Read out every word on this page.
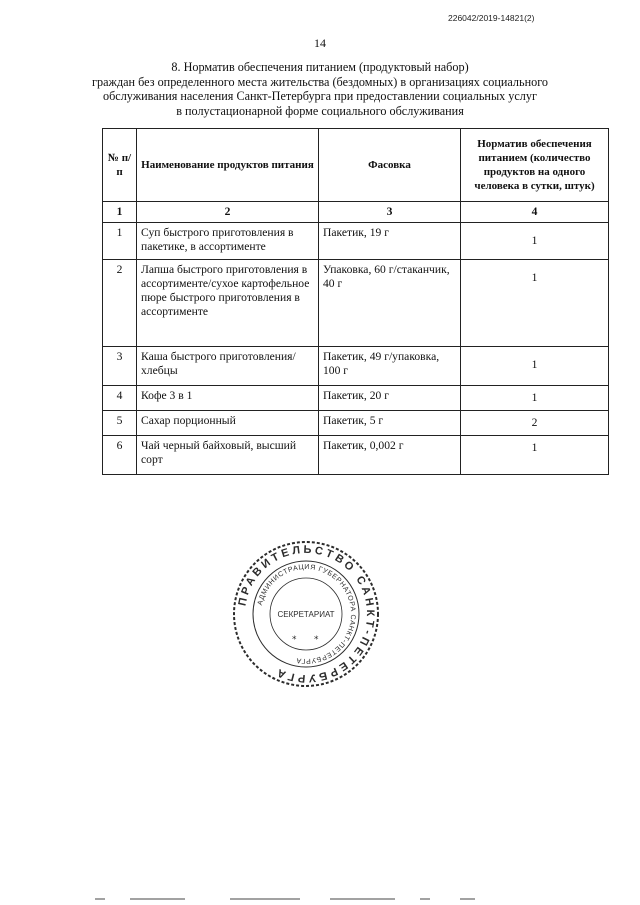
226042/2019-14821(2)
14
8. Норматив обеспечения питанием (продуктовый набор)
граждан без определенного места жительства (бездомных) в организациях социального
обслуживания населения Санкт-Петербурга при предоставлении социальных услуг
в полустационарной форме социального обслуживания
№ п/п	Наименование продуктов питания	Фасовка	Норматив обеспечения питанием (количество продуктов на одного человека в сутки, штук)
1	2	3	4
1	Суп быстрого приготовления в пакетике, в ассортименте	Пакетик, 19 г	1

2	Лапша быстрого приготовления в ассортименте/сухое картофельное пюре быстрого приготовления в ассортименте	Упаковка, 60 г/стаканчик, 40 г	1

3	Каша быстрого приготовления/хлебцы	Пакетик, 49 г/упаковка, 100 г	1

4	Кофе 3 в 1	Пакетик, 20 г	1

5	Сахар порционный	Пакетик, 5 г	2

6	Чай черный байховый, высший сорт	Пакетик, 0,002 г	1
ПРАВИТЕЛЬСТВО САНКТ-ПЕТЕРБУРГА
АДМИНИСТРАЦИЯ ГУБЕРНАТОРА САНКТ-ПЕТЕРБУРГА
СЕКРЕТАРИАТ
* *
